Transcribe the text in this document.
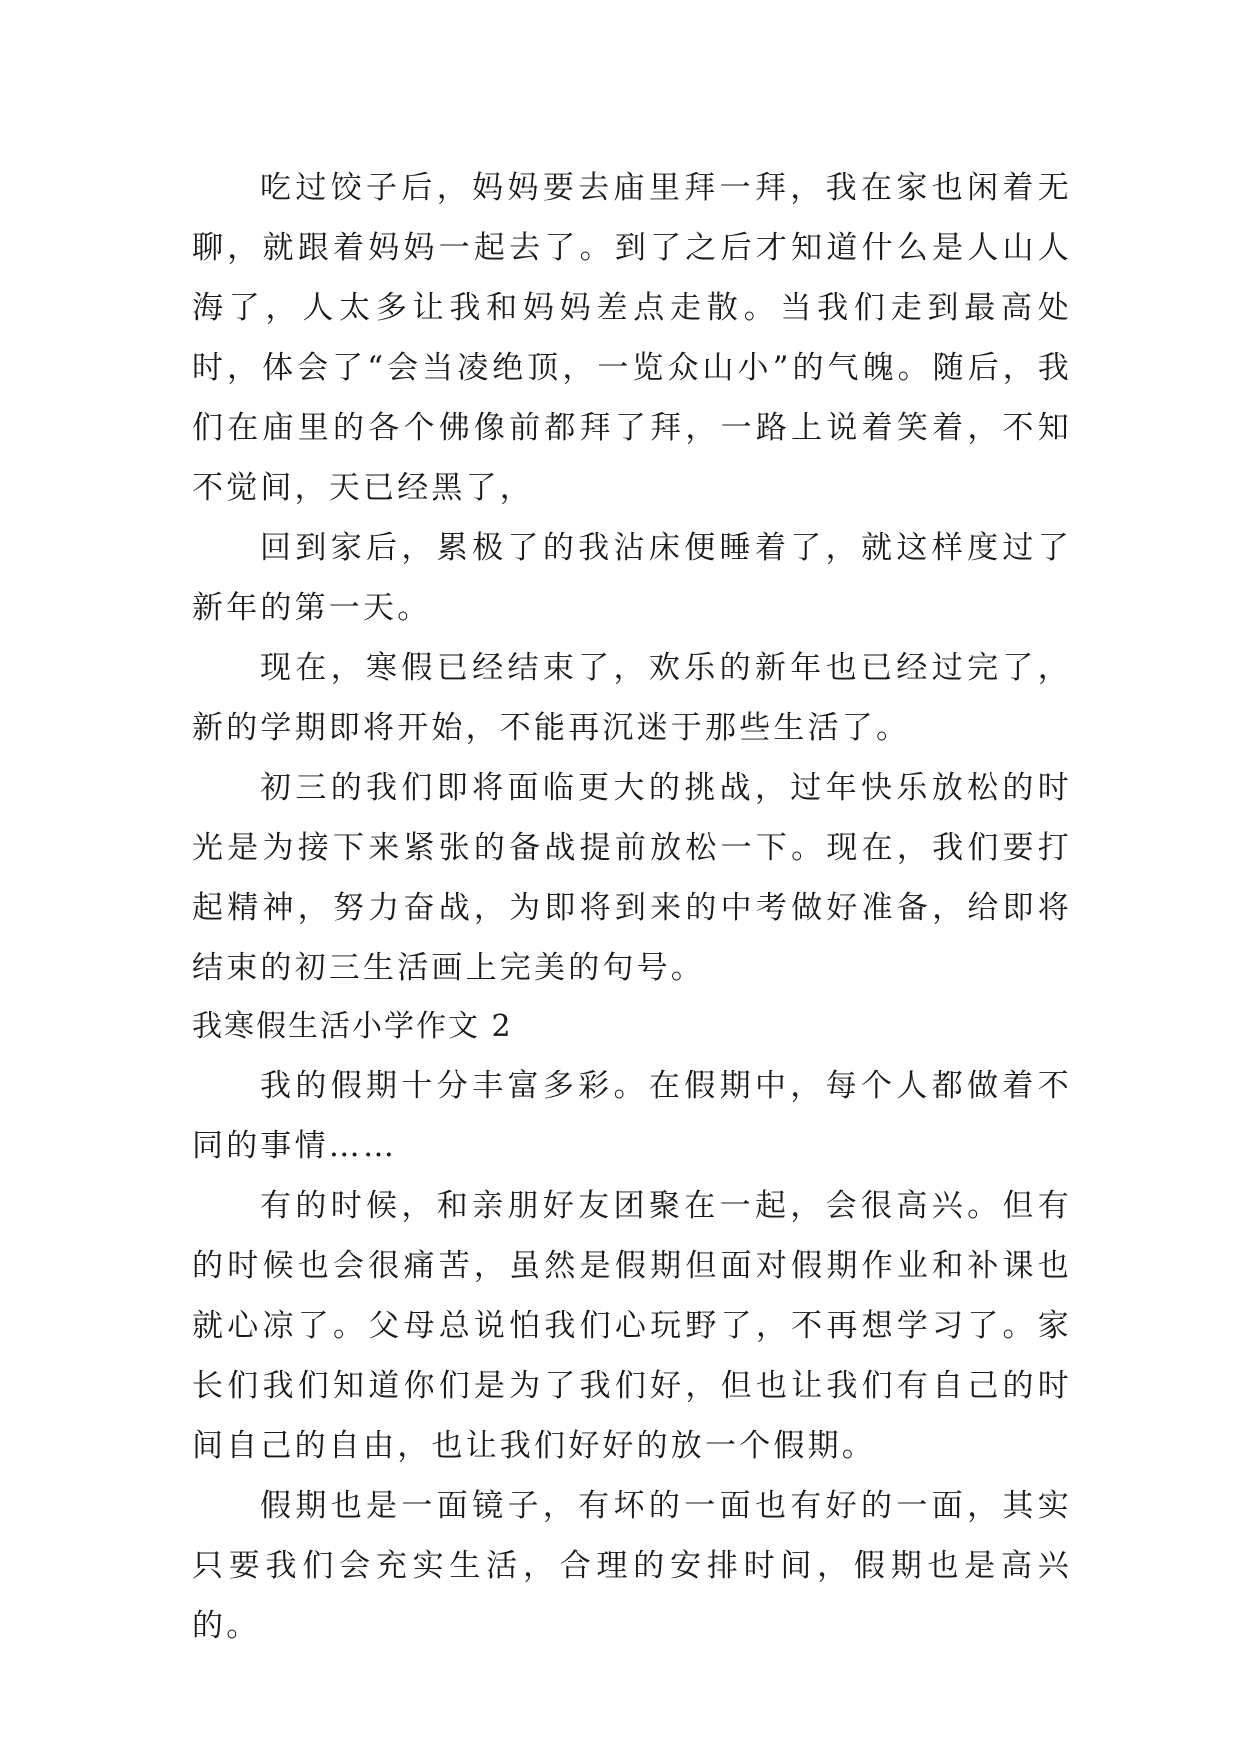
吃过饺子后，妈妈要去庙里拜一拜，我在家也闲着无聊，就跟着妈妈一起去了。到了之后才知道什么是人山人海了，人太多让我和妈妈差点走散。当我们走到最高处时，体会了“会当凌绝顶，一览众山小”的气魄。随后，我们在庙里的各个佛像前都拜了拜，一路上说着笑着，不知不觉间，天已经黑了，

回到家后，累极了的我沾床便睡着了，就这样度过了新年的第一天。

现在，寒假已经结束了，欢乐的新年也已经过完了，新的学期即将开始，不能再沉迷于那些生活了。

初三的我们即将面临更大的挑战，过年快乐放松的时光是为接下来紧张的备战提前放松一下。现在，我们要打起精神，努力奋战，为即将到来的中考做好准备，给即将结束的初三生活画上完美的句号。

我寒假生活小学作文 2

我的假期十分丰富多彩。在假期中，每个人都做着不同的事情……

有的时候，和亲朋好友团聚在一起，会很高兴。但有的时候也会很痛苦，虽然是假期但面对假期作业和补课也就心凉了。父母总说怕我们心玩野了，不再想学习了。家长们我们知道你们是为了我们好，但也让我们有自己的时间自己的自由，也让我们好好的放一个假期。

假期也是一面镜子，有坏的一面也有好的一面，其实只要我们会充实生活，合理的安排时间，假期也是高兴的。
